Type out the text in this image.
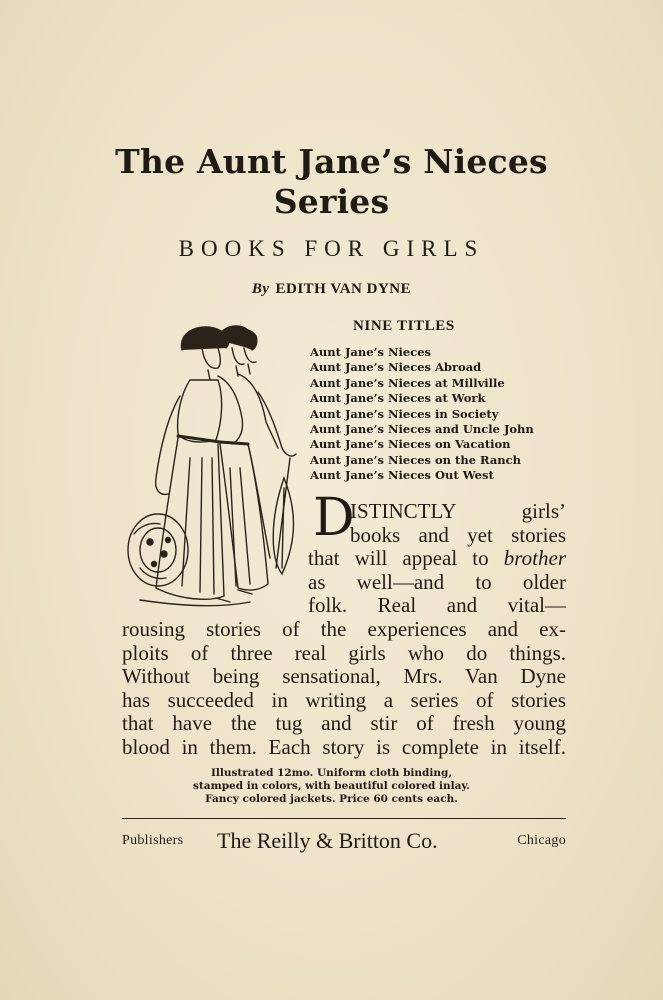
The Aunt Jane’s Nieces
Series
BOOKS FOR GIRLS
By EDITH VAN DYNE
NINE TITLES
Aunt Jane’s Nieces
Aunt Jane’s Nieces Abroad
Aunt Jane’s Nieces at Millville
Aunt Jane’s Nieces at Work
Aunt Jane’s Nieces in Society
Aunt Jane’s Nieces and Uncle John
Aunt Jane’s Nieces on Vacation
Aunt Jane’s Nieces on the Ranch
Aunt Jane’s Nieces Out West
D
ISTINCTLY girls’
books and yet stories
that will appeal to brother
as well—and to older
folk. Real and vital—
rousing stories of the experiences and ex-
ploits of three real girls who do things.
Without being sensational, Mrs. Van Dyne
has succeeded in writing a series of stories
that have the tug and stir of fresh young
blood in them. Each story is complete in itself.
Illustrated 12mo. Uniform cloth binding,
stamped in colors, with beautiful colored inlay.
Fancy colored jackets. Price 60 cents each.
Publishers The Reilly & Britton Co.	Chicago
